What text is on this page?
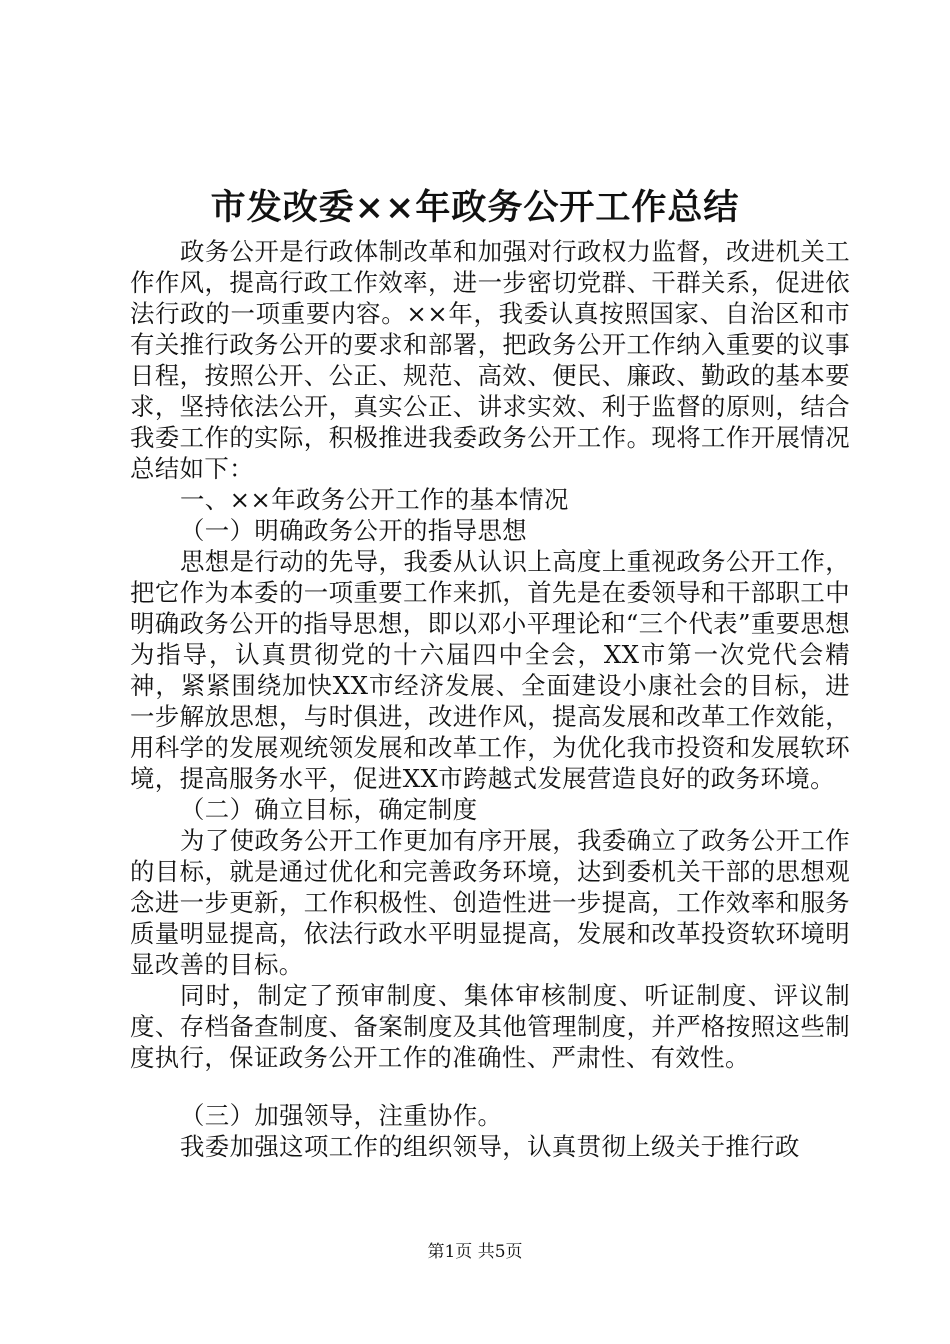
市发改委××年政务公开工作总结

政务公开是行政体制改革和加强对行政权力监督，改进机关工作作风，提高行政工作效率，进一步密切党群、干群关系，促进依法行政的一项重要内容。××年，我委认真按照国家、自治区和市有关推行政务公开的要求和部署，把政务公开工作纳入重要的议事日程，按照公开、公正、规范、高效、便民、廉政、勤政的基本要求，坚持依法公开，真实公正、讲求实效、利于监督的原则，结合我委工作的实际，积极推进我委政务公开工作。现将工作开展情况总结如下：

一、××年政务公开工作的基本情况

（一）明确政务公开的指导思想

思想是行动的先导，我委从认识上高度上重视政务公开工作，把它作为本委的一项重要工作来抓，首先是在委领导和干部职工中明确政务公开的指导思想，即以邓小平理论和“三个代表”重要思想为指导，认真贯彻党的十六届四中全会，XX市第一次党代会精神，紧紧围绕加快XX市经济发展、全面建设小康社会的目标，进一步解放思想，与时俱进，改进作风，提高发展和改革工作效能，用科学的发展观统领发展和改革工作，为优化我市投资和发展软环境，提高服务水平，促进XX市跨越式发展营造良好的政务环境。

（二）确立目标，确定制度

为了使政务公开工作更加有序开展，我委确立了政务公开工作的目标，就是通过优化和完善政务环境，达到委机关干部的思想观念进一步更新，工作积极性、创造性进一步提高，工作效率和服务质量明显提高，依法行政水平明显提高，发展和改革投资软环境明显改善的目标。

同时，制定了预审制度、集体审核制度、听证制度、评议制度、存档备查制度、备案制度及其他管理制度，并严格按照这些制度执行，保证政务公开工作的准确性、严肃性、有效性。

（三）加强领导，注重协作。

我委加强这项工作的组织领导，认真贯彻上级关于推行政

第1页 共5页
